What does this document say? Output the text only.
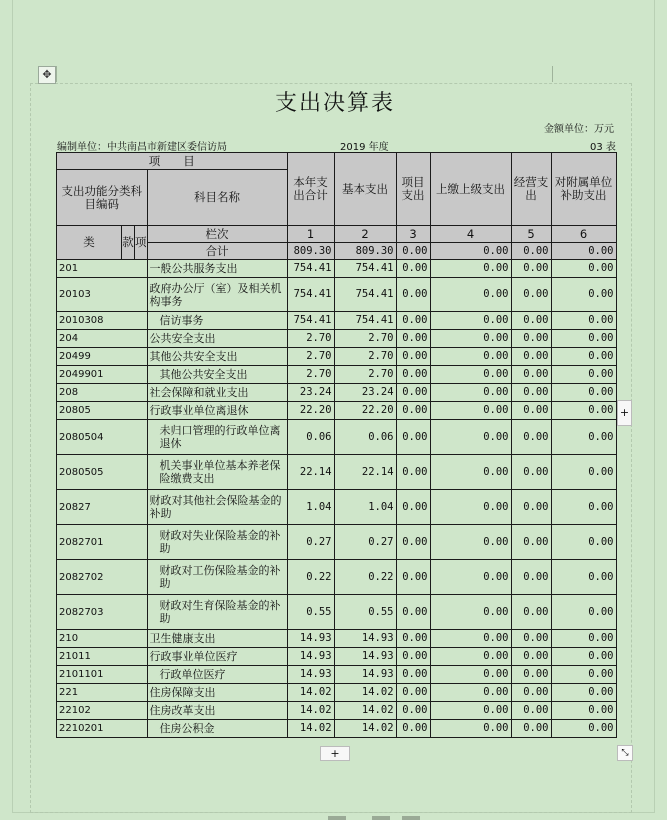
✥
支出决算表
金额单位：万元
编制单位：中共南昌市新建区委信访局	2019 年度	03 表
项　　目				本年支出合计	基本支出	项目支出	上缴上级支出	经营支出	对附属单位补助支出
支出功能分类科目编码			科目名称						

类	款	项	栏次	1	2	3	4	5	6
			合计	809.30	809.30	0.00	0.00	0.00	0.00
201			一般公共服务支出	754.41	754.41	0.00	0.00	0.00	0.00
20103			政府办公厅（室）及相关机构事务	754.41	754.41	0.00	0.00	0.00	0.00
2010308			信访事务	754.41	754.41	0.00	0.00	0.00	0.00
204			公共安全支出	2.70	2.70	0.00	0.00	0.00	0.00
20499			其他公共安全支出	2.70	2.70	0.00	0.00	0.00	0.00
2049901			其他公共安全支出	2.70	2.70	0.00	0.00	0.00	0.00
208			社会保障和就业支出	23.24	23.24	0.00	0.00	0.00	0.00
20805			行政事业单位离退休	22.20	22.20	0.00	0.00	0.00	0.00
2080504			未归口管理的行政单位离退休	0.06	0.06	0.00	0.00	0.00	0.00
2080505			机关事业单位基本养老保险缴费支出	22.14	22.14	0.00	0.00	0.00	0.00
20827			财政对其他社会保险基金的补助	1.04	1.04	0.00	0.00	0.00	0.00
2082701			财政对失业保险基金的补助	0.27	0.27	0.00	0.00	0.00	0.00
2082702			财政对工伤保险基金的补助	0.22	0.22	0.00	0.00	0.00	0.00
2082703			财政对生育保险基金的补助	0.55	0.55	0.00	0.00	0.00	0.00
210			卫生健康支出	14.93	14.93	0.00	0.00	0.00	0.00
21011			行政事业单位医疗	14.93	14.93	0.00	0.00	0.00	0.00
2101101			行政单位医疗	14.93	14.93	0.00	0.00	0.00	0.00
221			住房保障支出	14.02	14.02	0.00	0.00	0.00	0.00
22102			住房改革支出	14.02	14.02	0.00	0.00	0.00	0.00
2210201			住房公积金	14.02	14.02	0.00	0.00	0.00	0.00
+
+	⤡
